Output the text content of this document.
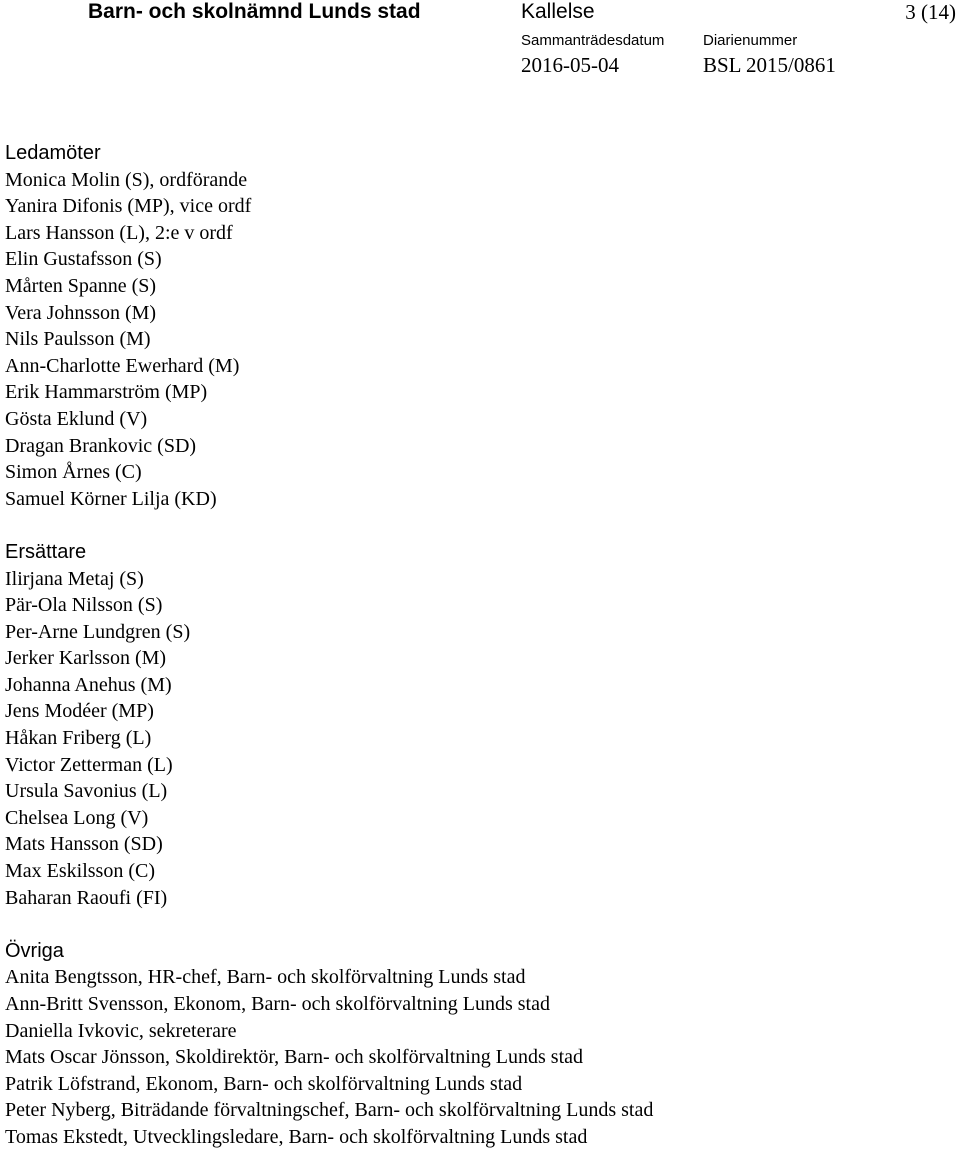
Barn- och skolnämnd Lunds stad	Kallelse	3 (14)
Sammanträdesdatum	Diarienummer
2016-05-04	BSL 2015/0861
Ledamöter
Monica Molin (S), ordförande
Yanira Difonis (MP), vice ordf
Lars Hansson (L), 2:e v ordf
Elin Gustafsson (S)
Mårten Spanne (S)
Vera Johnsson (M)
Nils Paulsson (M)
Ann-Charlotte Ewerhard (M)
Erik Hammarström (MP)
Gösta Eklund (V)
Dragan Brankovic (SD)
Simon Årnes (C)
Samuel Körner Lilja (KD)
Ersättare
Ilirjana Metaj (S)
Pär-Ola Nilsson (S)
Per-Arne Lundgren (S)
Jerker Karlsson (M)
Johanna Anehus (M)
Jens Modéer (MP)
Håkan Friberg (L)
Victor Zetterman (L)
Ursula Savonius (L)
Chelsea Long (V)
Mats Hansson (SD)
Max Eskilsson (C)
Baharan Raoufi (FI)
Övriga
Anita Bengtsson, HR-chef, Barn- och skolförvaltning Lunds stad
Ann-Britt Svensson, Ekonom, Barn- och skolförvaltning Lunds stad
Daniella Ivkovic, sekreterare
Mats Oscar Jönsson, Skoldirektör, Barn- och skolförvaltning Lunds stad
Patrik Löfstrand, Ekonom, Barn- och skolförvaltning Lunds stad
Peter Nyberg, Biträdande förvaltningschef, Barn- och skolförvaltning Lunds stad
Tomas Ekstedt, Utvecklingsledare, Barn- och skolförvaltning Lunds stad
